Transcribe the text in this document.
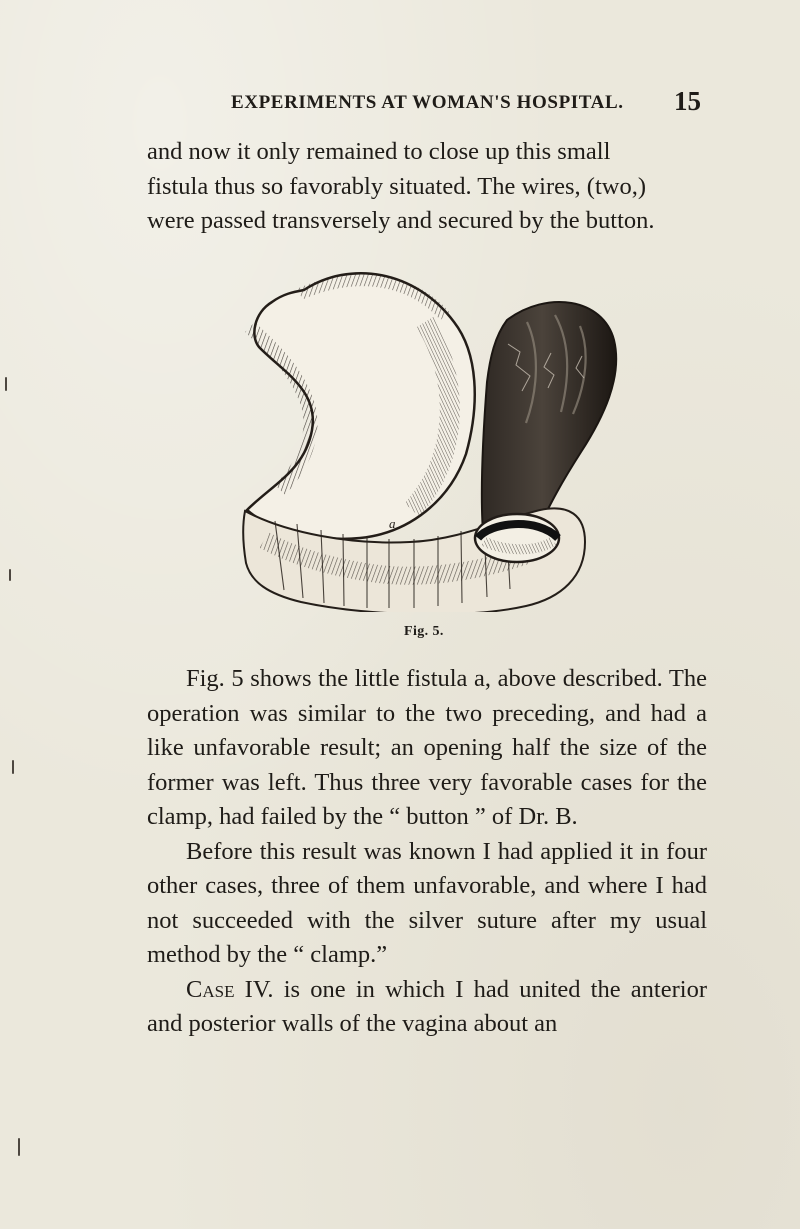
EXPERIMENTS AT WOMAN'S HOSPITAL. 15
and now it only remained to close up this small
fistula thus so favorably situated. The wires, (two,)
were passed transversely and secured by the button.
a
Fig. 5.

Fig. 5 shows the little fistula a, above described. The operation was similar to the two preceding, and had a like unfavorable result; an opening half the size of the former was left. Thus three very favorable cases for the clamp, had failed by the “ button ” of Dr. B.

Before this result was known I had applied it in four other cases, three of them unfavorable, and where I had not succeeded with the silver suture after my usual method by the “ clamp.”

Case IV. is one in which I had united the anterior and posterior walls of the vagina about an
